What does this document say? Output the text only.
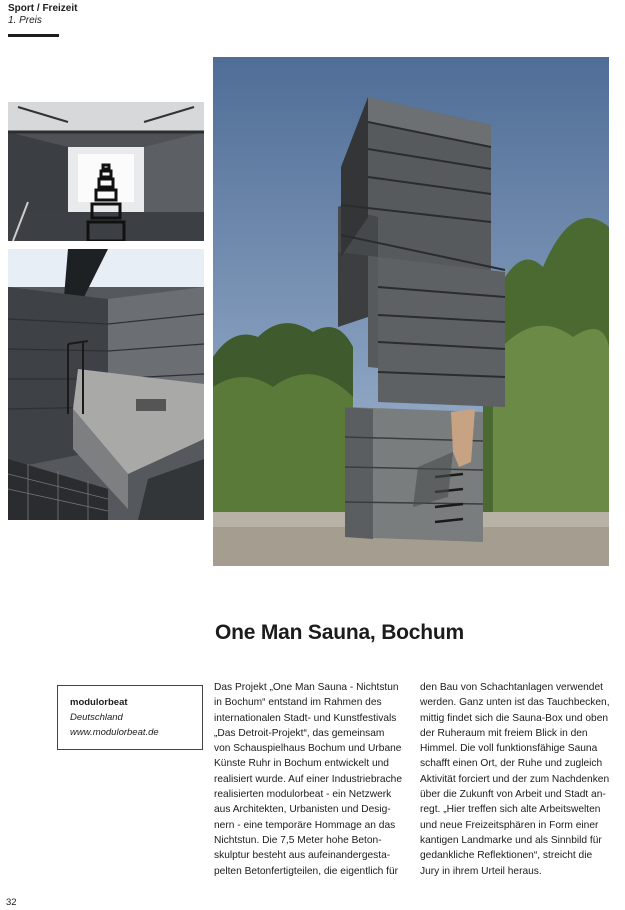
Sport / Freizeit
1. Preis
One Man Sauna, Bochum
modulorbeat
Deutschland
www.modulorbeat.de

Das Projekt „One Man Sauna - Nichtstun
in Bochum“ entstand im Rahmen des
internationalen Stadt- und Kunstfestivals
„Das Detroit-Projekt“, das gemeinsam
von Schauspielhaus Bochum und Urbane
Künste Ruhr in Bochum entwickelt und
realisiert wurde. Auf einer Industriebrache
realisierten modulorbeat - ein Netzwerk
aus Architekten, Urbanisten und Desig-
nern - eine temporäre Hommage an das
Nichtstun. Die 7,5 Meter hohe Beton-
skulptur besteht aus aufeinandergesta-
pelten Betonfertigteilen, die eigentlich für

den Bau von Schachtanlagen verwendet
werden. Ganz unten ist das Tauchbecken,
mittig findet sich die Sauna-Box und oben
der Ruheraum mit freiem Blick in den
Himmel. Die voll funktionsfähige Sauna
schafft einen Ort, der Ruhe und zugleich
Aktivität forciert und der zum Nachdenken
über die Zukunft von Arbeit und Stadt an-
regt. „Hier treffen sich alte Arbeitswelten
und neue Freizeitsphären in Form einer
kantigen Landmarke und als Sinnbild für
gedankliche Reflektionen“, streicht die
Jury in ihrem Urteil heraus.

32
